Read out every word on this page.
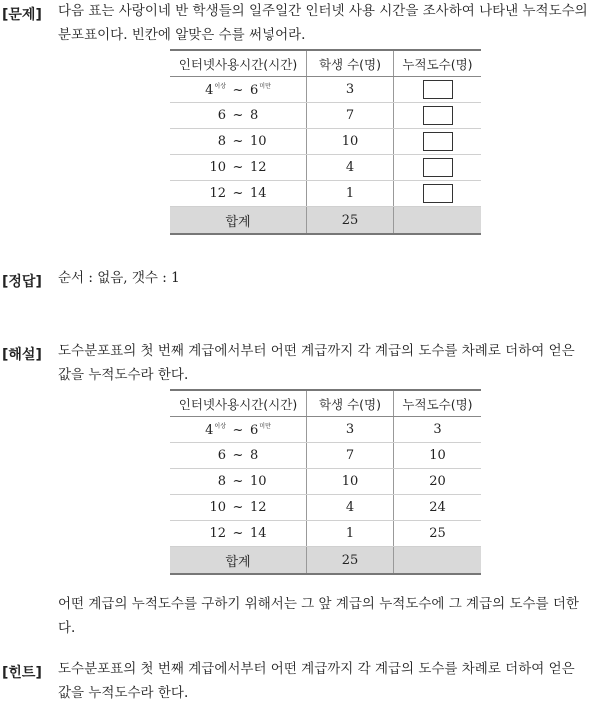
[문제] 다음 표는 사랑이네 반 학생들의 일주일간 인터넷 사용 시간을 조사하여 나타낸 누적도수의 분포표이다. 빈칸에 알맞은 수를 써넣어라.
인터넷사용시간(시간)	학생 수(명)	누적도수(명)

$4^{이상}$ ~ $6^{미만}$	3	

6 ~ 8	7	

8 ~ 10	10	

10 ~ 12	4	

12 ~ 14	1	
합계	25	
[정답] 순서 : 없음, 갯수 : 1
[해설] 도수분포표의 첫 번째 계급에서부터 어떤 계급까지 각 계급의 도수를 차례로 더하여 얻은 값을 누적도수라 한다.
인터넷사용시간(시간)	학생 수(명)	누적도수(명)

$4^{이상}$ ~ $6^{미만}$	3	3

6 ~ 8	7	10

8 ~ 10	10	20

10 ~ 12	4	24

12 ~ 14	1	25
합계	25	
어떤 계급의 누적도수를 구하기 위해서는 그 앞 계급의 누적도수에 그 계급의 도수를 더한다.
[힌트] 도수분포표의 첫 번째 계급에서부터 어떤 계급까지 각 계급의 도수를 차례로 더하여 얻은 값을 누적도수라 한다.
